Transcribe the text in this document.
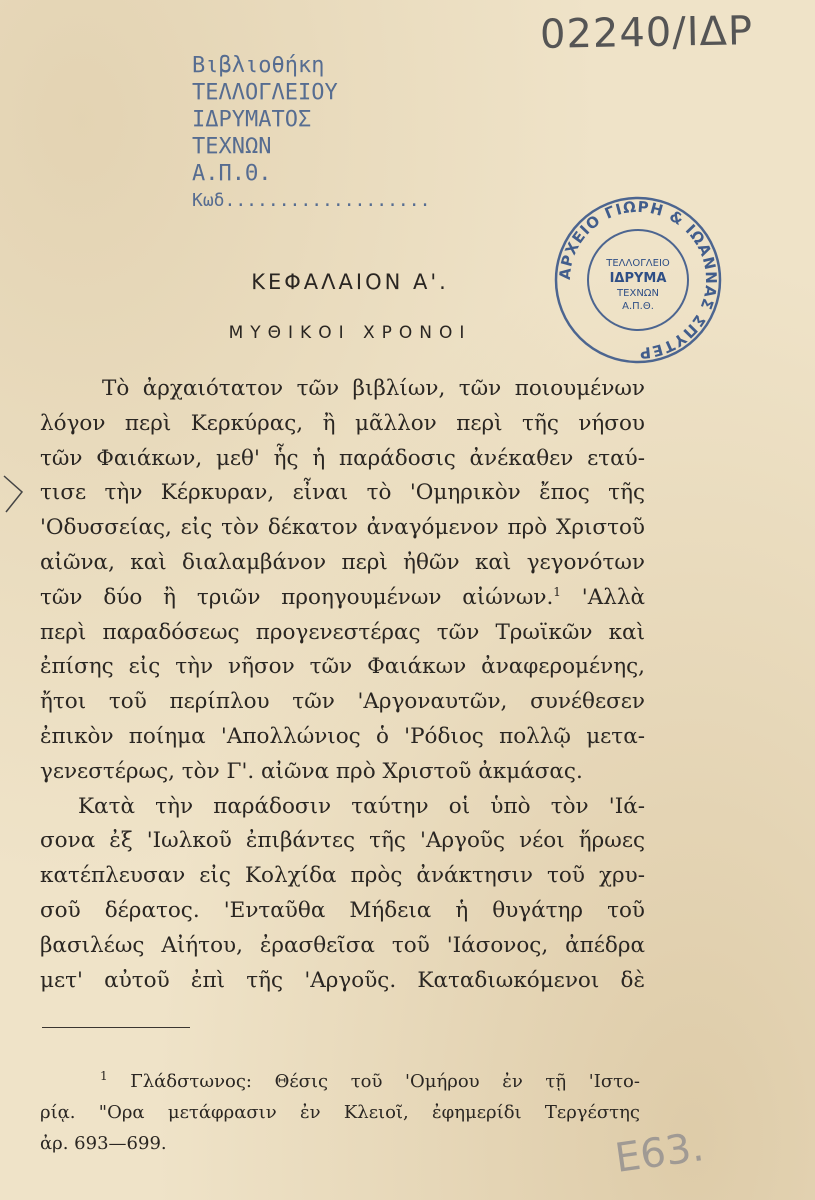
02240/ΙΔΡ
Βιβλιοθήκη
ΤΕΛΛΟΓΛΕΙΟΥ
ΙΔΡΥΜΑΤΟΣ
ΤΕΧΝΩΝ
Α.Π.Θ.
Κωδ...................
ΑΡΧΕΙΟ ΓΙΩΡΗ & ΙΩΑΝΝΑΣ ΣΠΥΤΕΡ
ΤΕΛΛΟΓΛΕΙΟ
ΙΔΡΥΜΑ
ΤΕΧΝΩΝ
Α.Π.Θ.
ΚΕΦΑΛΑΙΟΝ Α'.
ΜΥΘΙΚΟΙ ΧΡΟΝΟΙ
Τὸ ἀρχαιότατον τῶν βιβλίων, τῶν ποιουμένων
λόγον περὶ Κερκύρας, ἢ μᾶλλον περὶ τῆς νήσου
τῶν Φαιάκων, μεθ' ἧς ἡ παράδοσις ἀνέκαθεν εταύ-
τισε τὴν Κέρκυραν, εἶναι τὸ 'Ομηρικὸν ἔπος τῆς
'Οδυσσείας, εἰς τὸν δέκατον ἀναγόμενον πρὸ Χριστοῦ
αἰῶνα, καὶ διαλαμβάνον περὶ ἠθῶν καὶ γεγονότων
τῶν δύο ἢ τριῶν προηγουμένων αἰώνων.$^1$ 'Αλλὰ
περὶ παραδόσεως προγενεστέρας τῶν Τρωϊκῶν καὶ
ἐπίσης εἰς τὴν νῆσον τῶν Φαιάκων ἀναφερομένης,
ἤτοι τοῦ περίπλου τῶν 'Αργοναυτῶν, συνέθεσεν
ἐπικὸν ποίημα 'Απολλώνιος ὁ 'Ρόδιος πολλῷ μετα-
γενεστέρως, τὸν Γ'. αἰῶνα πρὸ Χριστοῦ ἀκμάσας.
Κατὰ τὴν παράδοσιν ταύτην οἱ ὑπὸ τὸν 'Ιά-
σονα ἐξ 'Ιωλκοῦ ἐπιβάντες τῆς 'Αργοῦς νέοι ἥρωες
κατέπλευσαν εἰς Κολχίδα πρὸς ἀνάκτησιν τοῦ χρυ-
σοῦ δέρατος. 'Ενταῦθα Μήδεια ἡ θυγάτηρ τοῦ
βασιλέως Αἰήτου, ἐρασθεῖσα τοῦ 'Ιάσονος, ἀπέδρα
μετ' αὐτοῦ ἐπὶ τῆς 'Αργοῦς. Καταδιωκόμενοι δὲ
$^1$ Γλάδστωνος: Θέσις τοῦ 'Ομήρου ἐν τῇ 'Ιστο-
ρίᾳ. "Ορα μετάφρασιν ἐν Κλειοῖ, ἐφημερίδι Τεργέστης
ἀρ. 693—699.	Ε63.
